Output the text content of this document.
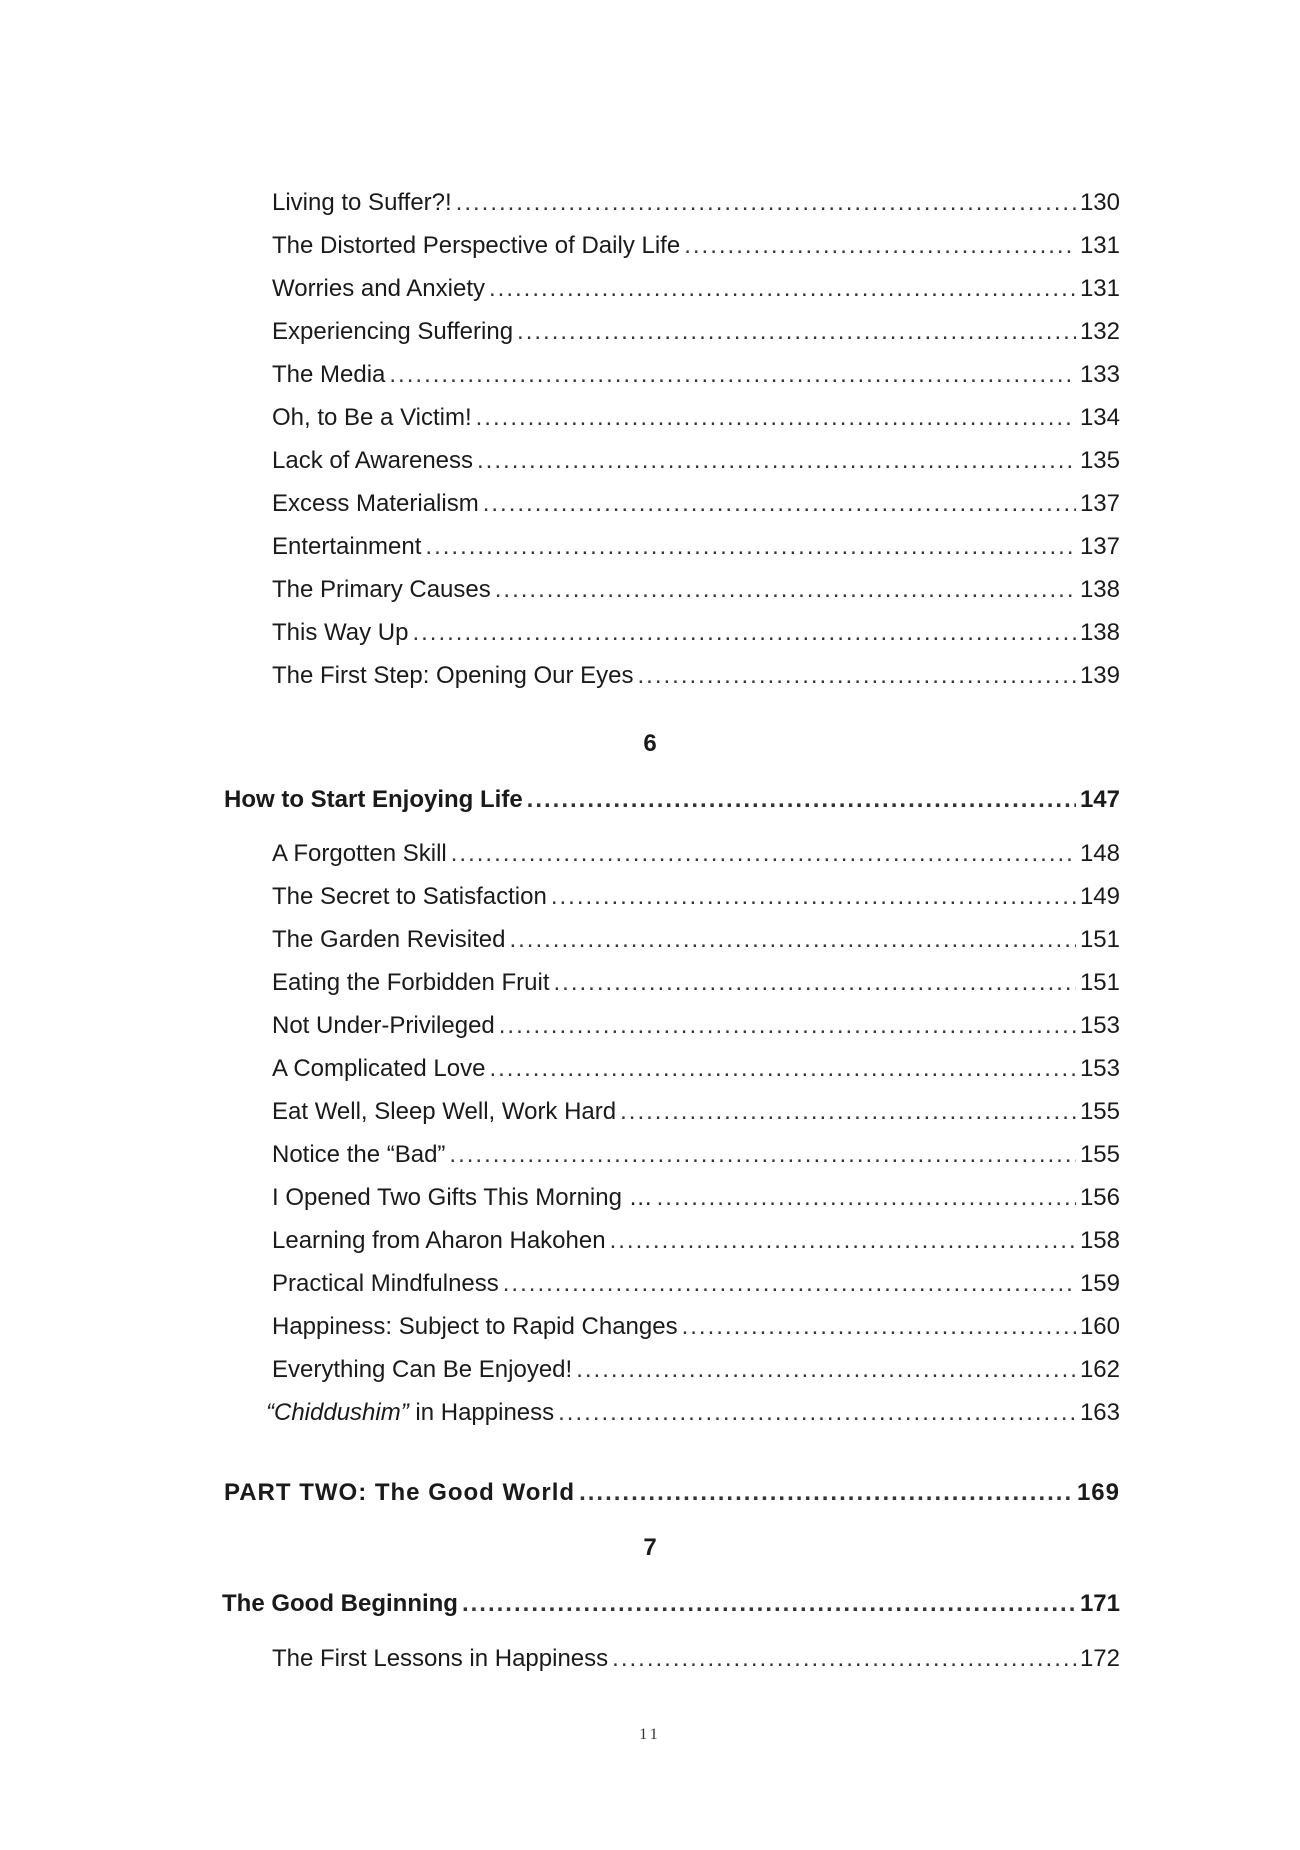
Living to Suffer?! .....	130
The Distorted Perspective of Daily Life .....	131
Worries and Anxiety .....	131
Experiencing Suffering .....	132
The Media .....	133
Oh, to Be a Victim! .....	134
Lack of Awareness .....	135
Excess Materialism .....	137
Entertainment .....	137
The Primary Causes .....	138
This Way Up .....	138
The First Step: Opening Our Eyes .....	139
6
How to Start Enjoying Life .....	147
A Forgotten Skill .....	148
The Secret to Satisfaction .....	149
The Garden Revisited .....	151
Eating the Forbidden Fruit .....	151
Not Under-Privileged .....	153
A Complicated Love .....	153
Eat Well, Sleep Well, Work Hard .....	155
Notice the “Bad” .....	155
I Opened Two Gifts This Morning … .....	156
Learning from Aharon Hakohen .....	158
Practical Mindfulness .....	159
Happiness: Subject to Rapid Changes .....	160
Everything Can Be Enjoyed! .....	162
“Chiddushim” in Happiness .....	163
PART TWO: The Good World .....	169
7
The Good Beginning .....	171
The First Lessons in Happiness .....	172
11
